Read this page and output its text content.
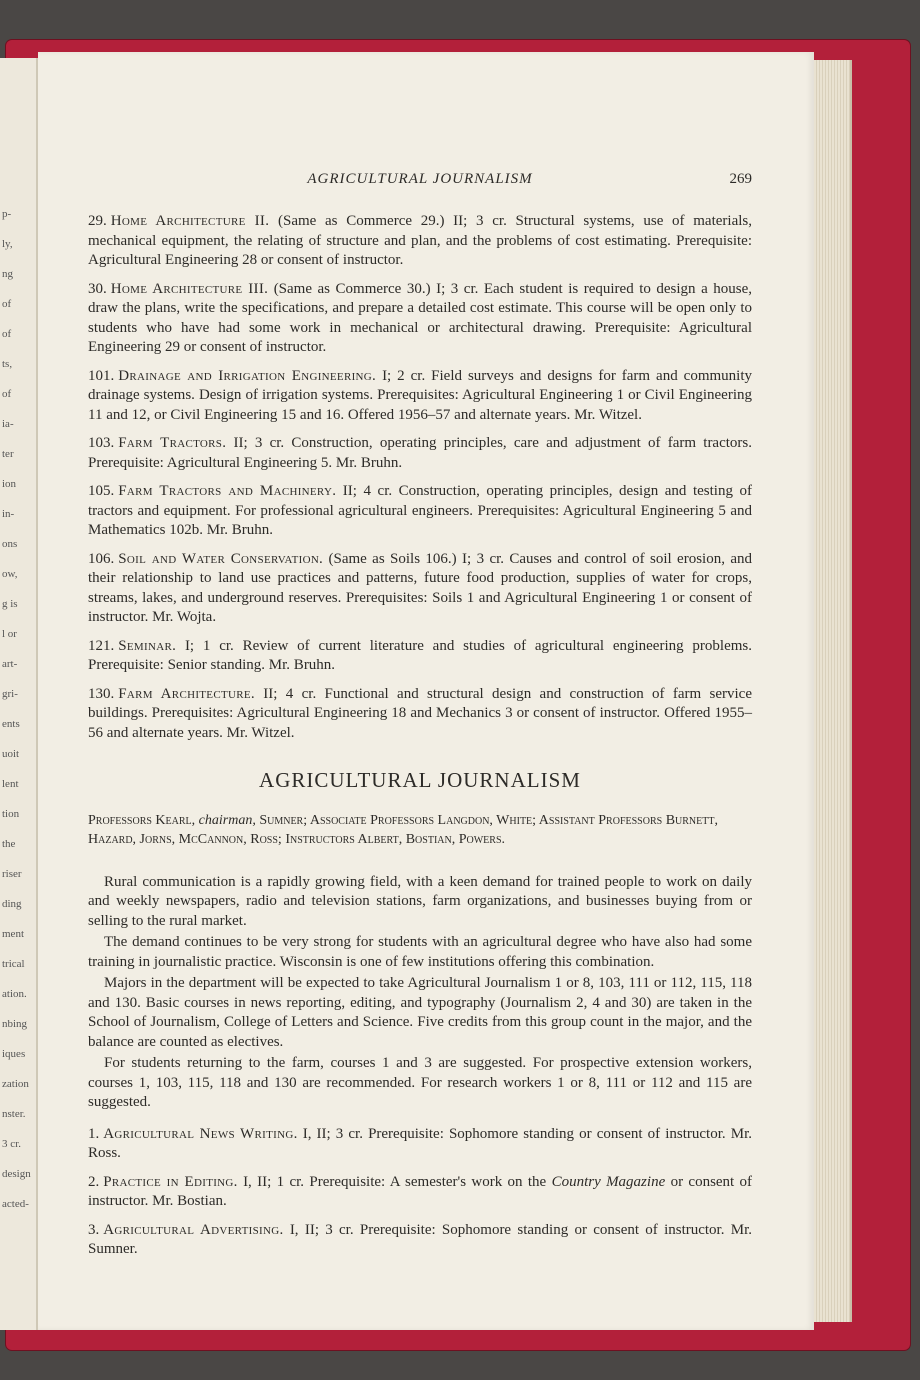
p-
ly,
ng
of
of
ts,
of
ia-
ter
ion
in-
ons
ow,
g is
l or
art-
gri-
ents
uoit
lent
tion
the
riser
ding
ment
trical
ation.
nbing
iques
zation
nster.
3 cr.
design
acted-
AGRICULTURAL JOURNALISM	269

29. Home Architecture II. (Same as Commerce 29.) II; 3 cr. Structural systems, use of materials, mechanical equipment, the relating of structure and plan, and the problems of cost estimating. Prerequisite: Agricultural Engineering 28 or consent of instructor.

30. Home Architecture III. (Same as Commerce 30.) I; 3 cr. Each student is required to design a house, draw the plans, write the specifications, and prepare a detailed cost estimate. This course will be open only to students who have had some work in mechanical or architectural drawing. Prerequisite: Agricultural Engineering 29 or consent of instructor.

101. Drainage and Irrigation Engineering. I; 2 cr. Field surveys and designs for farm and community drainage systems. Design of irrigation systems. Prerequisites: Agricultural Engineering 1 or Civil Engineering 11 and 12, or Civil Engineering 15 and 16. Offered 1956–57 and alternate years. Mr. Witzel.

103. Farm Tractors. II; 3 cr. Construction, operating principles, care and adjustment of farm tractors. Prerequisite: Agricultural Engineering 5. Mr. Bruhn.

105. Farm Tractors and Machinery. II; 4 cr. Construction, operating principles, design and testing of tractors and equipment. For professional agricultural engineers. Prerequisites: Agricultural Engineering 5 and Mathematics 102b. Mr. Bruhn.

106. Soil and Water Conservation. (Same as Soils 106.) I; 3 cr. Causes and control of soil erosion, and their relationship to land use practices and patterns, future food production, supplies of water for crops, streams, lakes, and underground reserves. Prerequisites: Soils 1 and Agricultural Engineering 1 or consent of instructor. Mr. Wojta.

121. Seminar. I; 1 cr. Review of current literature and studies of agricultural engineering problems. Prerequisite: Senior standing. Mr. Bruhn.

130. Farm Architecture. II; 4 cr. Functional and structural design and construction of farm service buildings. Prerequisites: Agricultural Engineering 18 and Mechanics 3 or consent of instructor. Offered 1955–56 and alternate years. Mr. Witzel.

AGRICULTURAL JOURNALISM

Professors Kearl, chairman, Sumner; Associate Professors Langdon, White; Assistant Professors Burnett, Hazard, Jorns, McCannon, Ross; Instructors Albert, Bostian, Powers.

Rural communication is a rapidly growing field, with a keen demand for trained people to work on daily and weekly newspapers, radio and television stations, farm organizations, and businesses buying from or selling to the rural market.

The demand continues to be very strong for students with an agricultural degree who have also had some training in journalistic practice. Wisconsin is one of few institutions offering this combination.

Majors in the department will be expected to take Agricultural Journalism 1 or 8, 103, 111 or 112, 115, 118 and 130. Basic courses in news reporting, editing, and typography (Journalism 2, 4 and 30) are taken in the School of Journalism, College of Letters and Science. Five credits from this group count in the major, and the balance are counted as electives.

For students returning to the farm, courses 1 and 3 are suggested. For prospective extension workers, courses 1, 103, 115, 118 and 130 are recommended. For research workers 1 or 8, 111 or 112 and 115 are suggested.

1. Agricultural News Writing. I, II; 3 cr. Prerequisite: Sophomore standing or consent of instructor. Mr. Ross.

2. Practice in Editing. I, II; 1 cr. Prerequisite: A semester's work on the Country Magazine or consent of instructor. Mr. Bostian.

3. Agricultural Advertising. I, II; 3 cr. Prerequisite: Sophomore standing or consent of instructor. Mr. Sumner.
